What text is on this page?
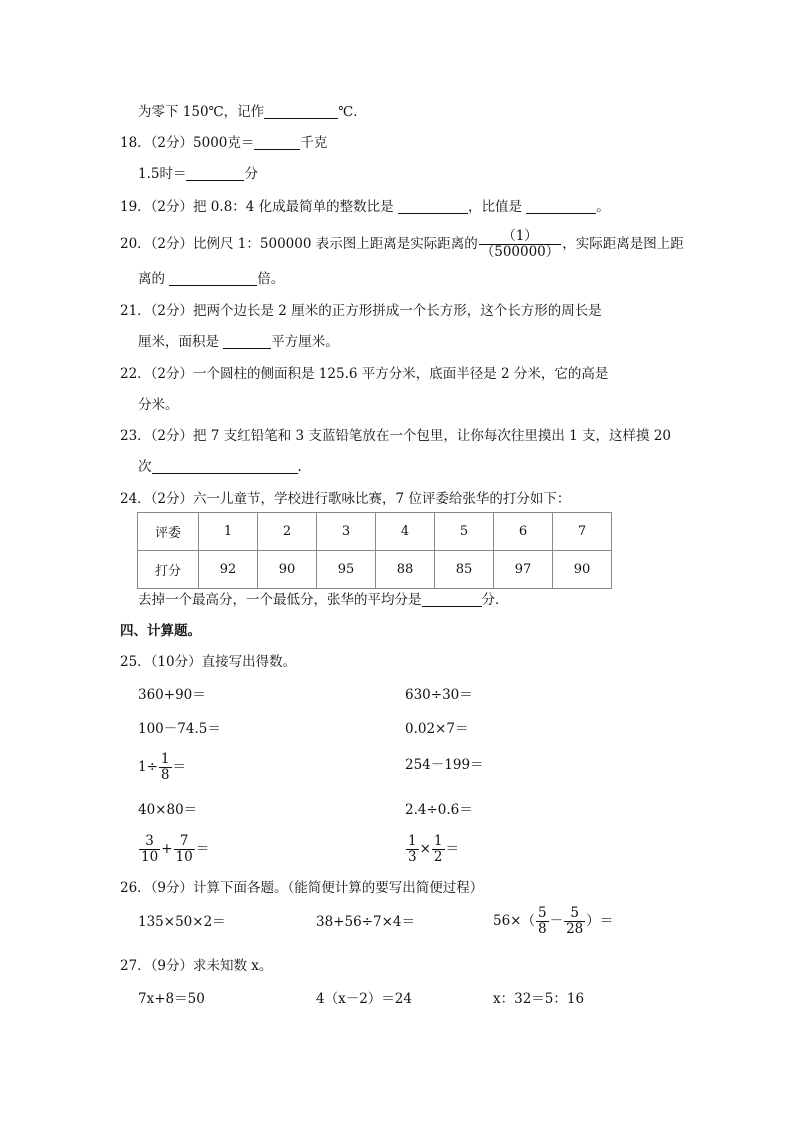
为零下 150℃，记作	℃．
18．（2分）5000克＝	千克
1.5时＝	分
19．（2分）把 0.8：4 化成最简单的整数比是	，比值是	。
20．（2分）比例尺 1：500000 表示图上距离是实际距离的 $\frac{(1)}{(500000)}$ ，实际距离是图上距
离的	倍。
21．（2分）把两个边长是 2 厘米的正方形拼成一个长方形，这个长方形的周长是
厘米，面积是	平方厘米。
22．（2分）一个圆柱的侧面积是 125.6 平方分米，底面半径是 2 分米，它的高是
分米。
23．（2分）把 7 支红铅笔和 3 支蓝铅笔放在一个包里，让你每次往里摸出 1 支，这样摸 20
次	.
24．（2分）六一儿童节，学校进行歌咏比赛，7 位评委给张华的打分如下：
评委	1	2	3	4	5	6	7
打分	92	90	95	88	85	97	90
去掉一个最高分，一个最低分，张华的平均分是	分．
四、计算题。
25．（10分）直接写出得数。
360+90＝	630÷30＝
100－74.5＝	0.02×7＝
$1\div \frac{1}{8}$ ＝	254－199＝
40×80＝	2.4÷0.6＝
$\frac{3}{10} + \frac{7}{10}$ ＝	$\frac{1}{3} \times \frac{1}{2}$ ＝
26．（9分）计算下面各题。（能简便计算的要写出简便过程）
135×50×2＝	38+56÷7×4＝	$56\times( \frac{5}{8} - \frac{5}{28}$ ）＝
27．（9分）求未知数 x。
7x+8＝50	4（x－2）＝24	x：32＝5：16
